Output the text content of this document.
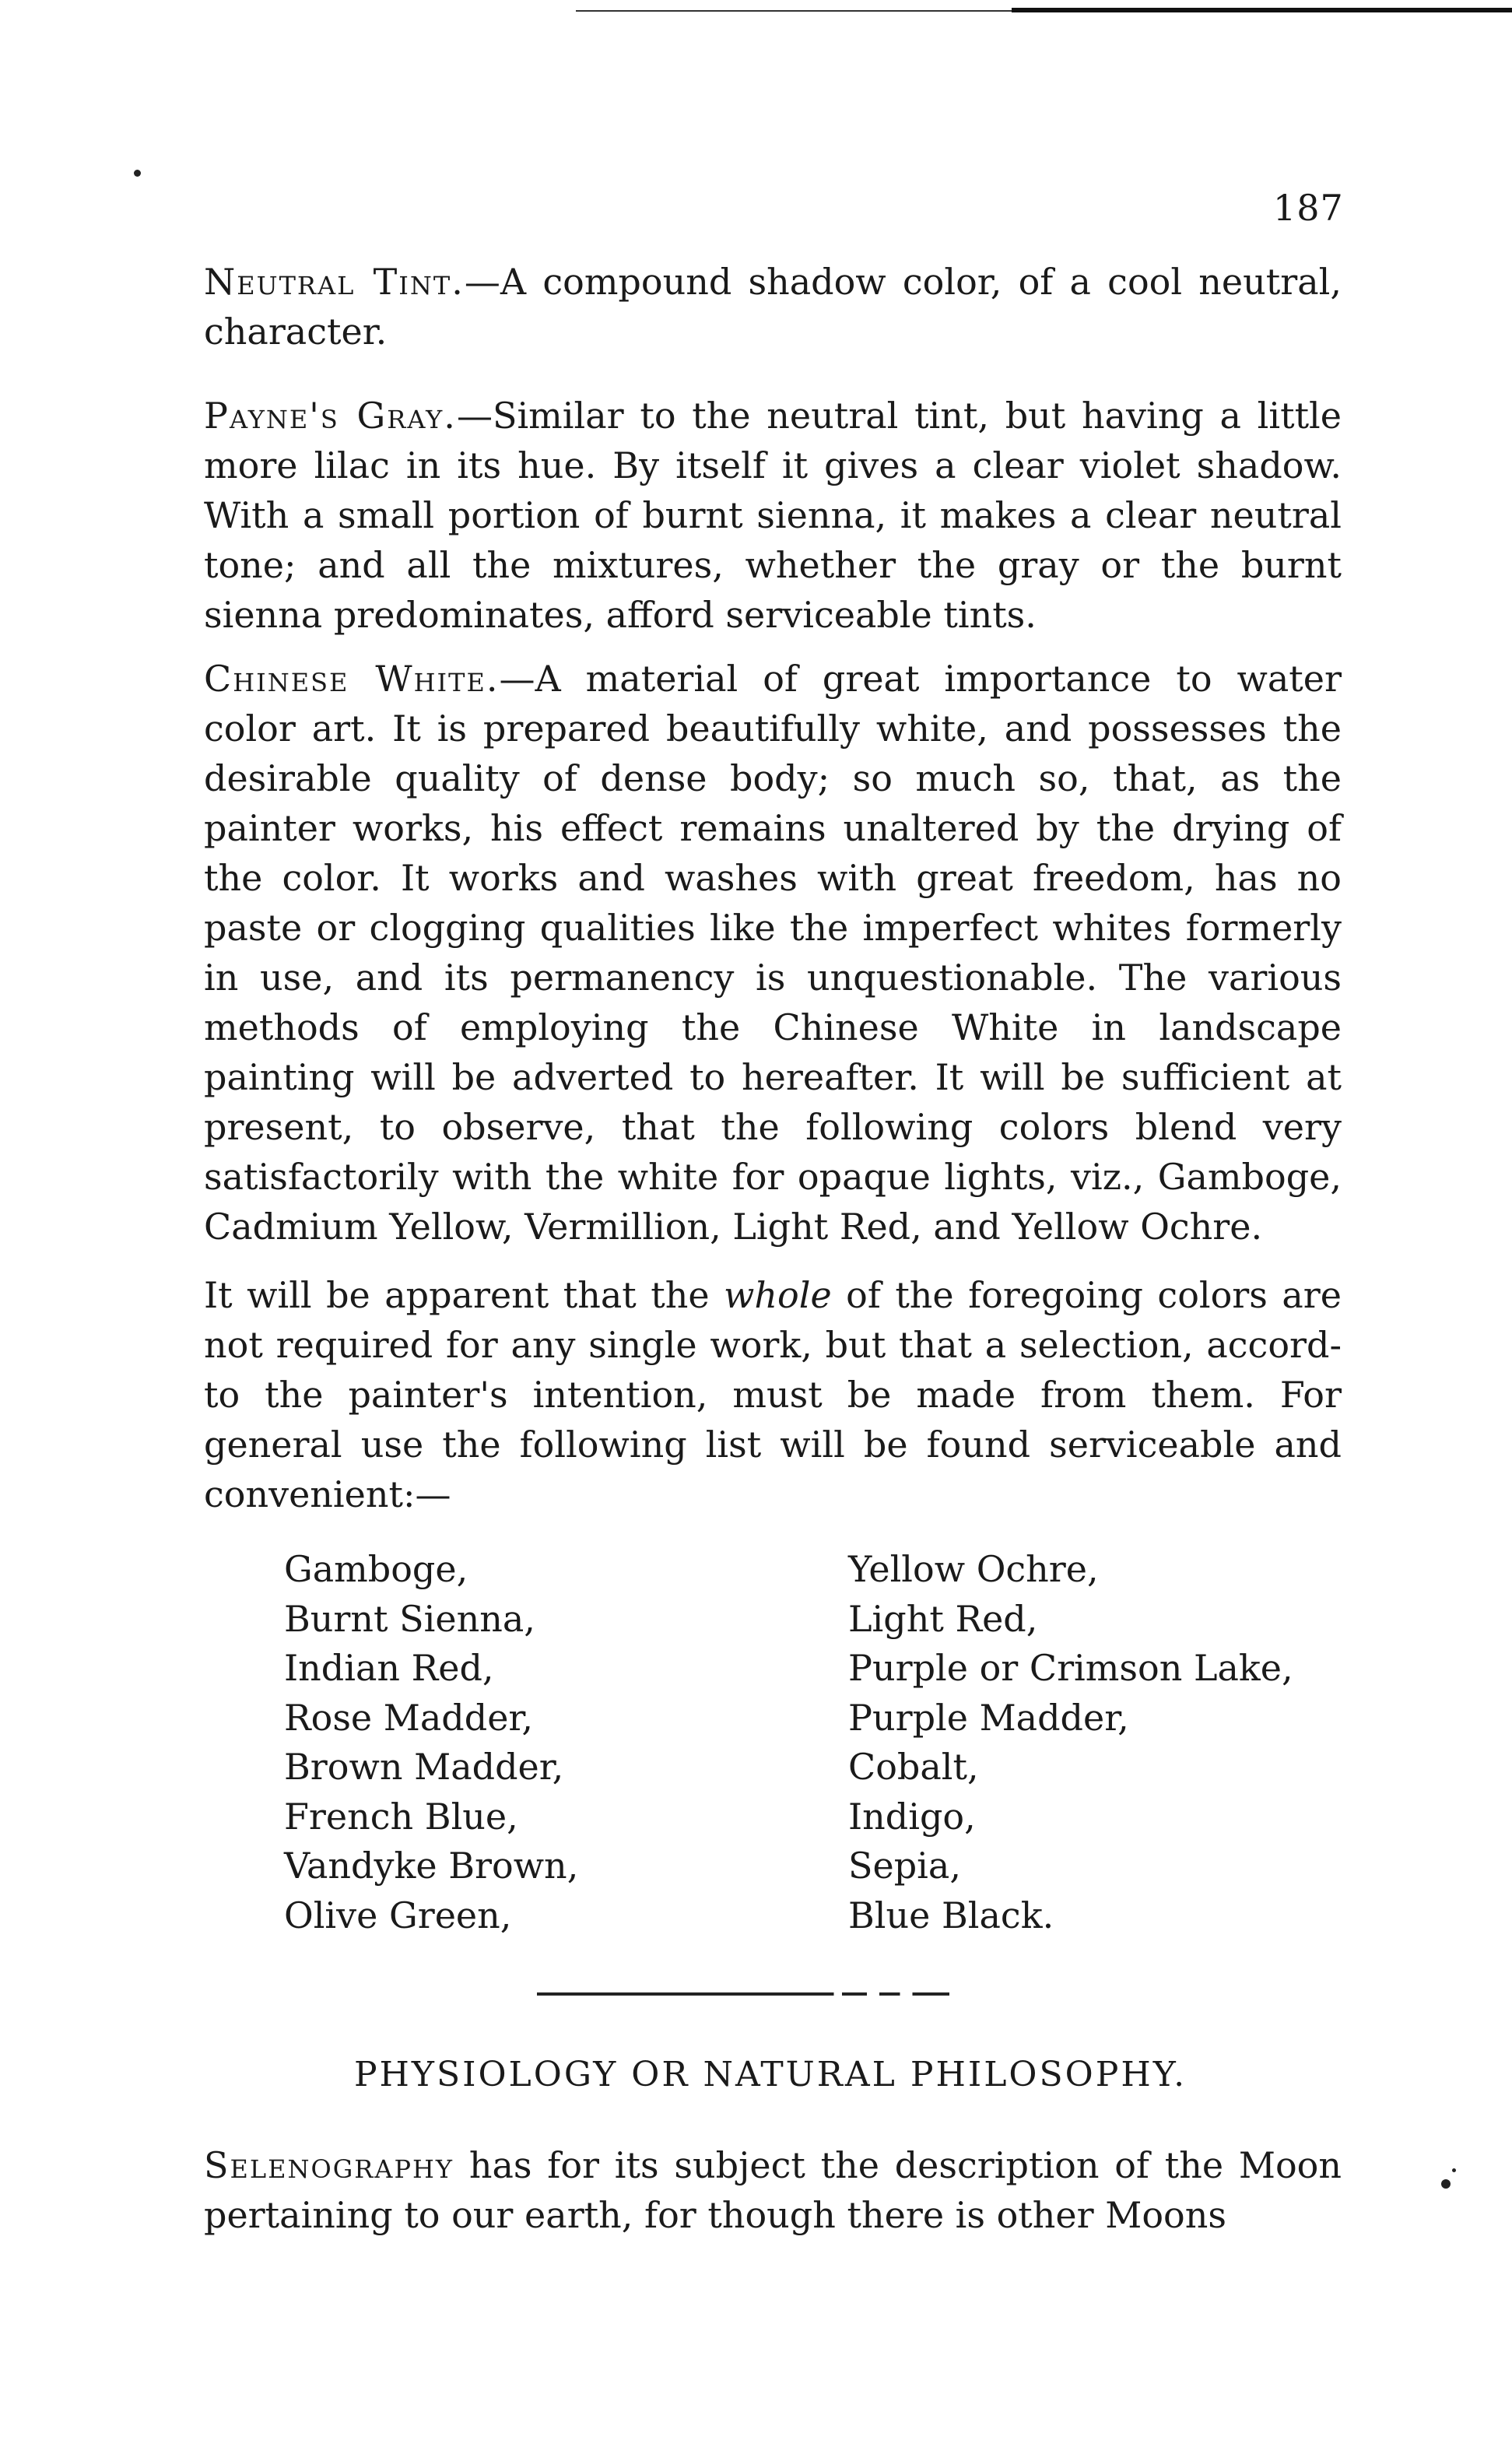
187

Neutral Tint.—A compound shadow color, of a cool neutral, character.

Payne's Gray.—Similar to the neutral tint, but having a little more lilac in its hue. By itself it gives a clear violet shadow. With a small portion of burnt sienna, it makes a clear neutral tone; and all the mixtures, whether the gray or the burnt sienna predominates, afford serviceable tints.

Chinese White.—A material of great importance to water color art. It is prepared beautifully white, and possesses the desirable quality of dense body; so much so, that, as the painter works, his effect remains unaltered by the drying of the color. It works and washes with great freedom, has no paste or clogging qualities like the imperfect whites formerly in use, and its permanency is unquestionable. The various methods of employing the Chinese White in landscape painting will be adverted to hereafter. It will be sufficient at present, to observe, that the following colors blend very satisfactorily with the white for opaque lights, viz., Gamboge, Cadmium Yellow, Vermillion, Light Red, and Yellow Ochre.

It will be apparent that the whole of the foregoing colors are not required for any single work, but that a selection, accord- to the painter's intention, must be made from them. For general use the following list will be found serviceable and convenient:—

Gamboge,
Burnt Sienna,
Indian Red,
Rose Madder,
Brown Madder,
French Blue,
Vandyke Brown,
Olive Green,
Yellow Ochre,
Light Red,
Purple or Crimson Lake,
Purple Madder,
Cobalt,
Indigo,
Sepia,
Blue Black.
PHYSIOLOGY OR NATURAL PHILOSOPHY.

Selenography has for its subject the description of the Moon pertaining to our earth, for though there is other Moons
